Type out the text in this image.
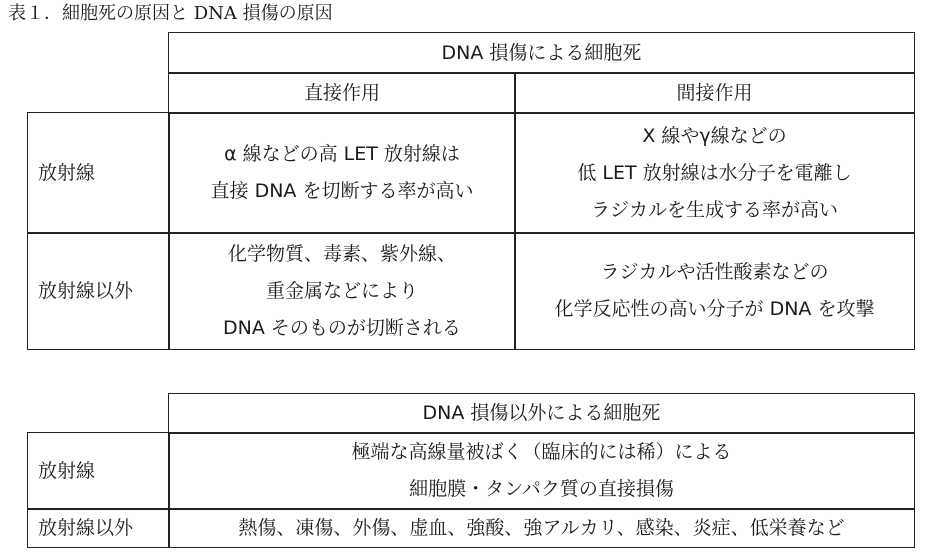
表１．細胞死の原因と DNA 損傷の原因
DNA 損傷による細胞死
直接作用	間接作用
放射線
α 線などの高 LET 放射線は
直接 DNA を切断する率が高い
X 線やγ線などの
低 LET 放射線は水分子を電離し
ラジカルを生成する率が高い
放射線以外
化学物質、毒素、紫外線、
重金属などにより
DNA そのものが切断される
ラジカルや活性酸素などの
化学反応性の高い分子が DNA を攻撃
DNA 損傷以外による細胞死
放射線
極端な高線量被ばく（臨床的には稀）による
細胞膜・タンパク質の直接損傷
放射線以外	熱傷、凍傷、外傷、虚血、強酸、強アルカリ、感染、炎症、低栄養など
